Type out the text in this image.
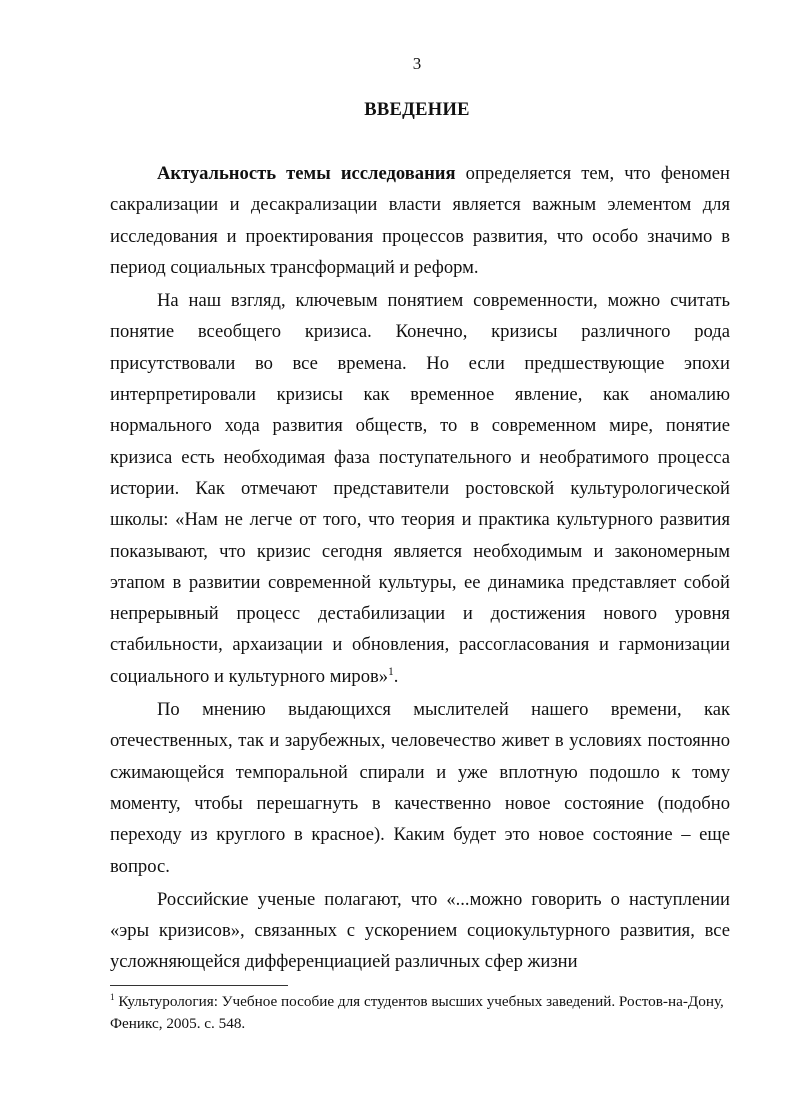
3
ВВЕДЕНИЕ

Актуальность темы исследования определяется тем, что феномен сакрализации и десакрализации власти является важным элементом для исследования и проектирования процессов развития, что особо значимо в период социальных трансформаций и реформ.

На наш взгляд, ключевым понятием современности, можно считать понятие всеобщего кризиса. Конечно, кризисы различного рода присутствовали во все времена. Но если предшествующие эпохи интерпретировали кризисы как временное явление, как аномалию нормального хода развития обществ, то в современном мире, понятие кризиса есть необходимая фаза поступательного и необратимого процесса истории. Как отмечают представители ростовской культурологической школы: «Нам не легче от того, что теория и практика культурного развития показывают, что кризис сегодня является необходимым и закономерным этапом в развитии современной культуры, ее динамика представляет собой непрерывный процесс дестабилизации и достижения нового уровня стабильности, архаизации и обновления, рассогласования и гармонизации социального и культурного миров»$^1$.

По мнению выдающихся мыслителей нашего времени, как отечественных, так и зарубежных, человечество живет в условиях постоянно сжимающейся темпоральной спирали и уже вплотную подошло к тому моменту, чтобы перешагнуть в качественно новое состояние (подобно переходу из круглого в красное). Каким будет это новое состояние – еще вопрос.

Российские ученые полагают, что «...можно говорить о наступлении «эры кризисов», связанных с ускорением социокультурного развития, все усложняющейся дифференциацией различных сфер жизни

$^1$ Культурология: Учебное пособие для студентов высших учебных заведений. Ростов-на-Дону, Феникс, 2005. с. 548.
